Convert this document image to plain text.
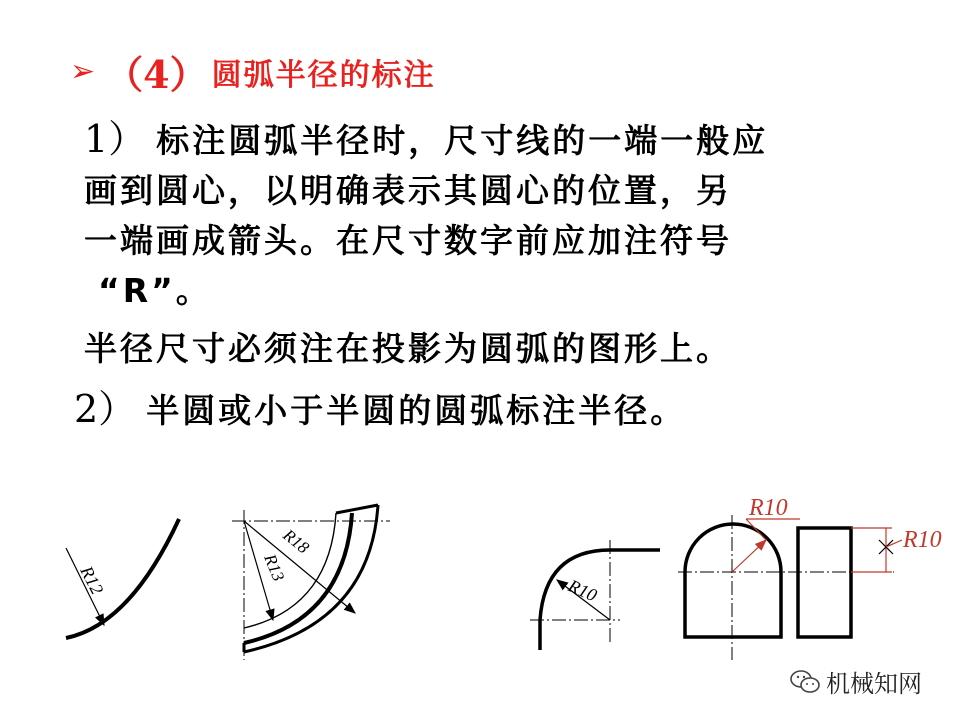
➢ （4） 圆弧半径的标注
1） 标注圆弧半径时，尺寸线的一端一般应
画到圆心，以明确表示其圆心的位置，另
一端画成箭头。在尺寸数字前应加注符号
“R”。
半径尺寸必须注在投影为圆弧的图形上。
2） 半圆或小于半圆的圆弧标注半径。
R12
R18
R13
R10
R10
R10
机械知网
